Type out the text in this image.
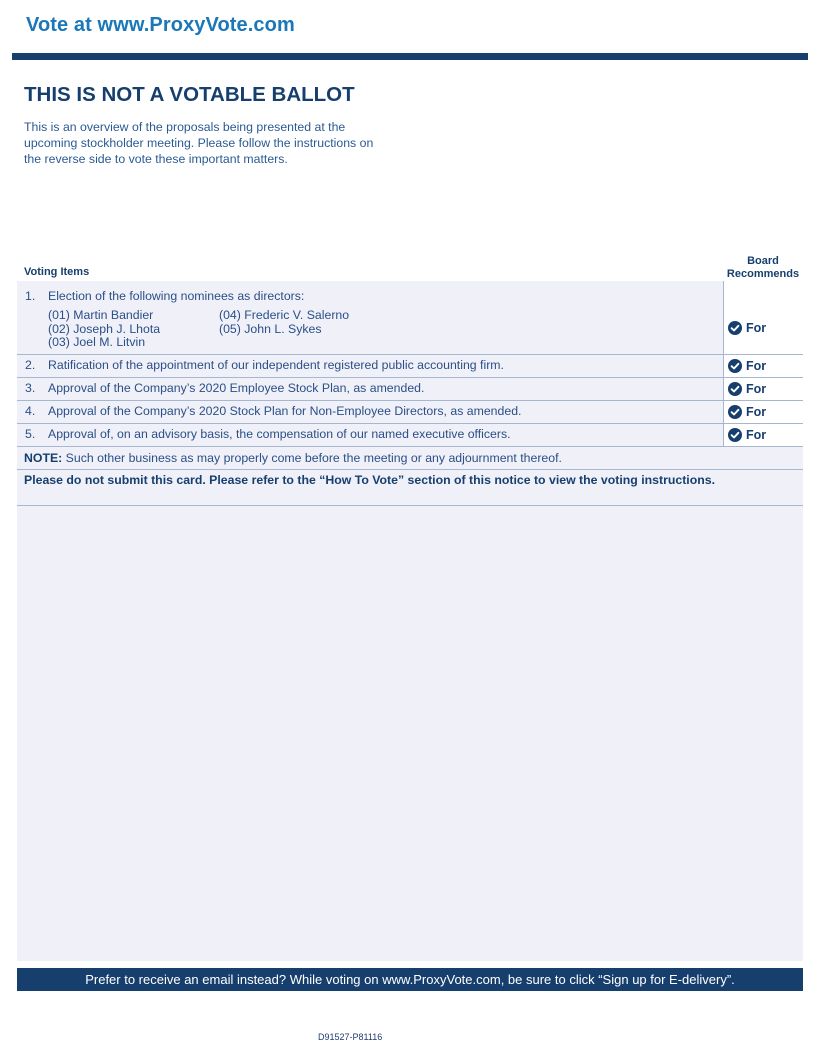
Vote at www.ProxyVote.com
THIS IS NOT A VOTABLE BALLOT
This is an overview of the proposals being presented at the
upcoming stockholder meeting. Please follow the instructions on
the reverse side to vote these important matters.
Board
Recommends
Voting Items
1. Election of the following nominees as directors:
(01) Martin Bandier
(02) Joseph J. Lhota
(03) Joel M. Litvin
(04) Frederic V. Salerno
(05) John L. Sykes	For
2. Ratification of the appointment of our independent registered public accounting firm.	For
3. Approval of the Company’s 2020 Employee Stock Plan, as amended.	For
4. Approval of the Company’s 2020 Stock Plan for Non-Employee Directors, as amended.	For
5. Approval of, on an advisory basis, the compensation of our named executive officers.	For
NOTE: Such other business as may properly come before the meeting or any adjournment thereof.
Please do not submit this card. Please refer to the “How To Vote” section of this notice to view the voting instructions.
Prefer to receive an email instead? While voting on www.ProxyVote.com, be sure to click “Sign up for E-delivery”.
D91527-P81116
